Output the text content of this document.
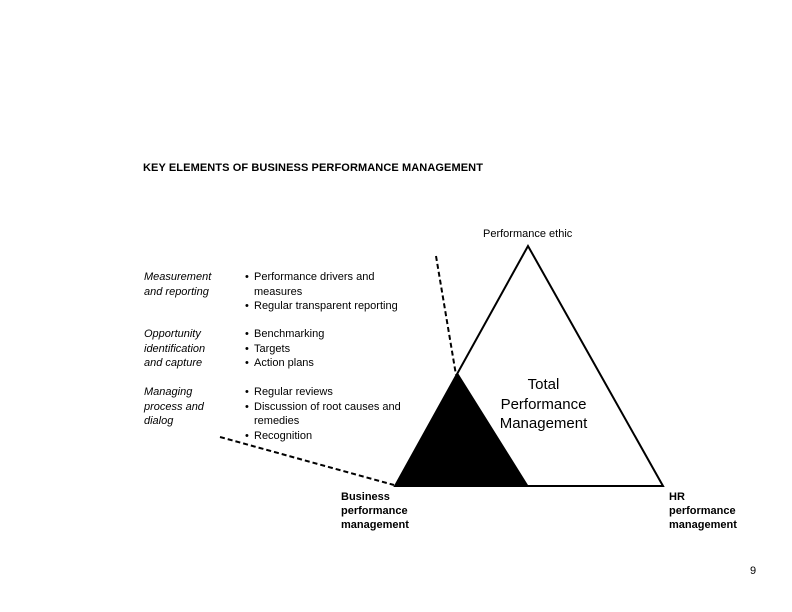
KEY ELEMENTS OF BUSINESS PERFORMANCE MANAGEMENT
Performance ethic
Measurement
and reporting
• Performance drivers and measures
• Regular transparent reporting
Opportunity
identification
and capture
• Benchmarking
• Targets
• Action plans
Managing
process and
dialog
• Regular reviews
• Discussion of root causes and remedies
• Recognition
Total
Performance
Management
Business
performance
management
HR
performance
management
9
